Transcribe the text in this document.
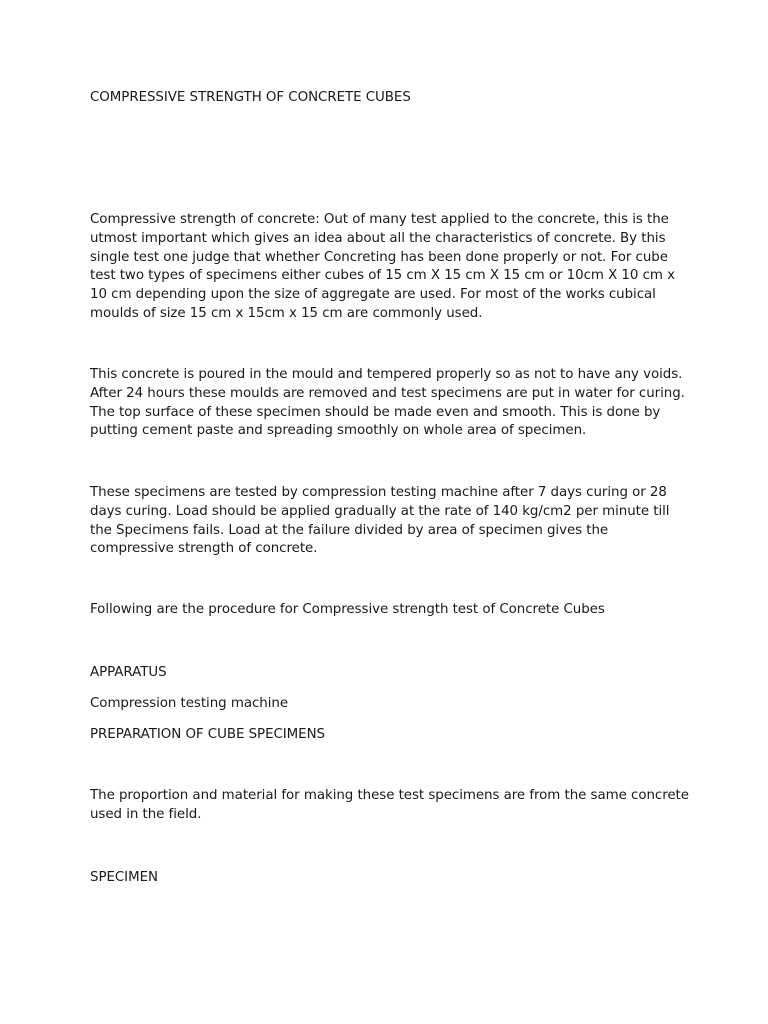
COMPRESSIVE STRENGTH OF CONCRETE CUBES

Compressive strength of concrete: Out of many test applied to the concrete, this is the utmost important which gives an idea about all the characteristics of concrete. By this single test one judge that whether Concreting has been done properly or not. For cube test two types of specimens either cubes of 15 cm X 15 cm X 15 cm or 10cm X 10 cm x 10 cm depending upon the size of aggregate are used. For most of the works cubical moulds of size 15 cm x 15cm x 15 cm are commonly used.

This concrete is poured in the mould and tempered properly so as not to have any voids. After 24 hours these moulds are removed and test specimens are put in water for curing. The top surface of these specimen should be made even and smooth. This is done by putting cement paste and spreading smoothly on whole area of specimen.

These specimens are tested by compression testing machine after 7 days curing or 28 days curing. Load should be applied gradually at the rate of 140 kg/cm2 per minute till the Specimens fails. Load at the failure divided by area of specimen gives the compressive strength of concrete.

Following are the procedure for Compressive strength test of Concrete Cubes

APPARATUS

Compression testing machine

PREPARATION OF CUBE SPECIMENS

The proportion and material for making these test specimens are from the same concrete used in the field.

SPECIMEN
